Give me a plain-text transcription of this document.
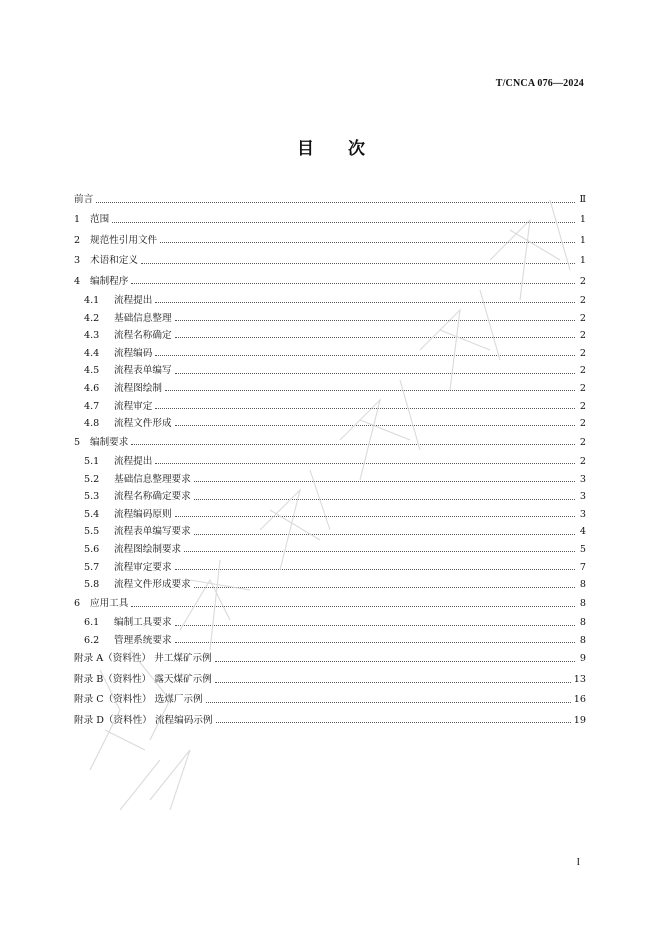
T/CNCA 076—2024
目 次
前言	Ⅱ
1	范围	1
2	规范性引用文件	1
3	术语和定义	1
4	编制程序	2
4.1	流程提出	2
4.2	基础信息整理	2
4.3	流程名称确定	2
4.4	流程编码	2
4.5	流程表单编写	2
4.6	流程图绘制	2
4.7	流程审定	2
4.8	流程文件形成	2
5	编制要求	2
5.1	流程提出	2
5.2	基础信息整理要求	3
5.3	流程名称确定要求	3
5.4	流程编码原则	3
5.5	流程表单编写要求	4
5.6	流程图绘制要求	5
5.7	流程审定要求	7
5.8	流程文件形成要求	8
6	应用工具	8
6.1	编制工具要求	8
6.2	管理系统要求	8
附录 A（资料性） 井工煤矿示例	9
附录 B（资料性） 露天煤矿示例	13
附录 C（资料性） 选煤厂示例	16
附录 D（资料性） 流程编码示例	19
I
